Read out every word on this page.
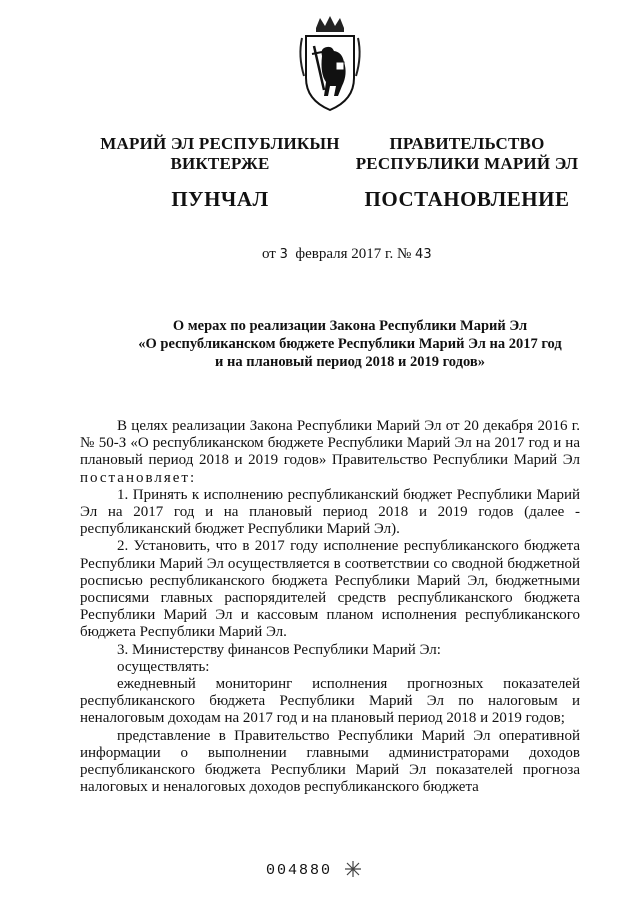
МАРИЙ ЭЛ РЕСПУБЛИКЫН
ВИКТЕРЖЕ
ПУНЧАЛ
ПРАВИТЕЛЬСТВО
РЕСПУБЛИКИ МАРИЙ ЭЛ
ПОСТАНОВЛЕНИЕ
от 3 февраля 2017 г. № 43
О мерах по реализации Закона Республики Марий Эл
«О республиканском бюджете Республики Марий Эл на 2017 год
и на плановый период 2018 и 2019 годов»

В целях реализации Закона Республики Марий Эл от 20 декабря 2016 г. № 50-З «О республиканском бюджете Республики Марий Эл на 2017 год и на плановый период 2018 и 2019 годов» Правительство Республики Марий Эл постановляет:

1. Принять к исполнению республиканский бюджет Республики Марий Эл на 2017 год и на плановый период 2018 и 2019 годов (далее - республиканский бюджет Республики Марий Эл).

2. Установить, что в 2017 году исполнение республиканского бюджета Республики Марий Эл осуществляется в соответствии со сводной бюджетной росписью республиканского бюджета Республики Марий Эл, бюджетными росписями главных распорядителей средств республиканского бюджета Республики Марий Эл и кассовым планом исполнения республиканского бюджета Республики Марий Эл.

3. Министерству финансов Республики Марий Эл:

осуществлять:

ежедневный мониторинг исполнения прогнозных показателей республиканского бюджета Республики Марий Эл по налоговым и неналоговым доходам на 2017 год и на плановый период 2018 и 2019 годов;

представление в Правительство Республики Марий Эл оперативной информации о выполнении главными администраторами доходов республиканского бюджета Республики Марий Эл показателей прогноза налоговых и неналоговых доходов республиканского бюджета

004880
